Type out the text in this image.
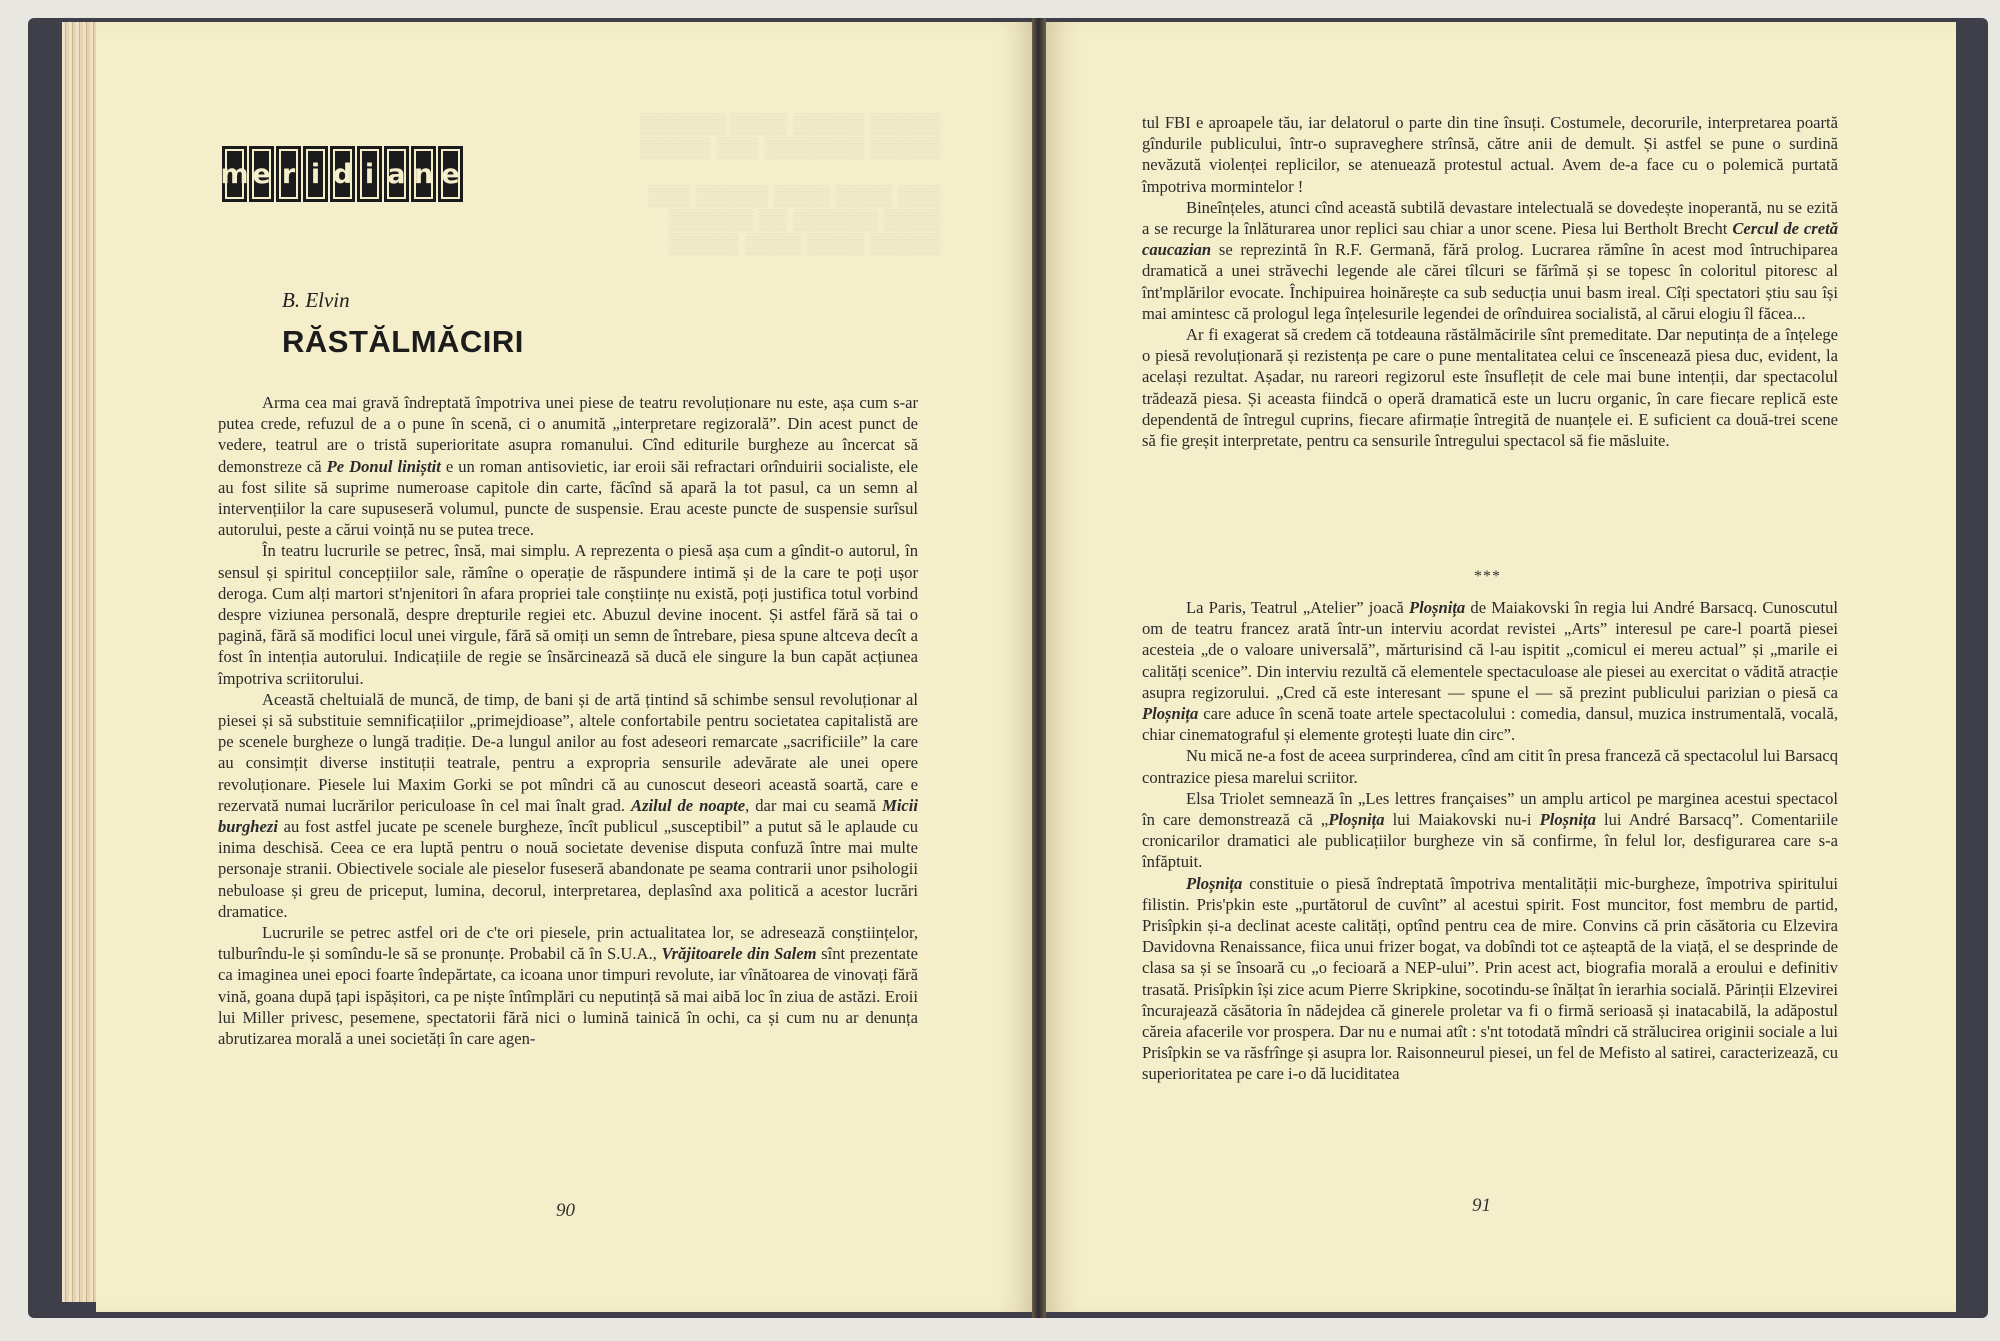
▒▒▒▒▒ ▒▒▒▒▒ ▒▒▒▒ ▒▒▒▒▒▒
▒▒▒▒▒ ▒▒▒▒▒▒▒ ▒▒▒ ▒▒▒▒▒

▒▒▒ ▒▒▒▒ ▒▒▒▒ ▒▒▒▒▒ ▒▒▒
▒▒▒▒ ▒▒▒▒▒▒ ▒▒ ▒▒▒▒▒▒
▒▒▒▒▒ ▒▒▒▒ ▒▒▒▒ ▒▒▒▒▒
m e r i d i a n e
B. Elvin
RĂSTĂLMĂCIRI

Arma cea mai gravă îndreptată împotriva unei piese de teatru revoluționare nu este, așa cum s-ar putea crede, refuzul de a o pune în scenă, ci o anumită „interpretare regizorală”. Din acest punct de vedere, teatrul are o tristă superioritate asupra romanului. Cînd editurile burgheze au încercat să demonstreze că Pe Donul liniștit e un roman antisovietic, iar eroii săi refractari orînduirii socialiste, ele au fost silite să suprime numeroase capitole din carte, făcînd să apară la tot pasul, ca un semn al intervențiilor la care supuseseră volumul, puncte de suspensie. Erau aceste puncte de suspensie surîsul autorului, peste a cărui voință nu se putea trece.

În teatru lucrurile se petrec, însă, mai simplu. A reprezenta o piesă așa cum a gîndit-o autorul, în sensul și spiritul concepțiilor sale, rămîne o operație de răspundere intimă și de la care te poți ușor deroga. Cum alți martori st'njenitori în afara propriei tale conștiințe nu există, poți justifica totul vorbind despre viziunea personală, despre drepturile regiei etc. Abuzul devine inocent. Și astfel fără să tai o pagină, fără să modifici locul unei virgule, fără să omiți un semn de întrebare, piesa spune altceva decît a fost în intenția autorului. Indicațiile de regie se însărcinează să ducă ele singure la bun capăt acțiunea împotriva scriitorului.

Această cheltuială de muncă, de timp, de bani și de artă țintind să schimbe sensul revoluționar al piesei și să substituie semnificațiilor „primejdioase”, altele confortabile pentru societatea capitalistă are pe scenele burgheze o lungă tradiție. De-a lungul anilor au fost adeseori remarcate „sacrificiile” la care au consimțit diverse instituții teatrale, pentru a expropria sensurile adevărate ale unei opere revoluționare. Piesele lui Maxim Gorki se pot mîndri că au cunoscut deseori această soartă, care e rezervată numai lucrărilor periculoase în cel mai înalt grad. Azilul de noapte, dar mai cu seamă Micii burghezi au fost astfel jucate pe scenele burgheze, încît publicul „susceptibil” a putut să le aplaude cu inima deschisă. Ceea ce era luptă pentru o nouă societate devenise disputa confuză între mai multe personaje stranii. Obiectivele sociale ale pieselor fuseseră abandonate pe seama contrarii unor psihologii nebuloase și greu de priceput, lumina, decorul, interpretarea, deplasînd axa politică a acestor lucrări dramatice.

Lucrurile se petrec astfel ori de c'te ori piesele, prin actualitatea lor, se adresează conștiințelor, tulburîndu-le și somîndu-le să se pronunțe. Probabil că în S.U.A., Vrăjitoarele din Salem sînt prezentate ca imaginea unei epoci foarte îndepărtate, ca icoana unor timpuri revolute, iar vînătoarea de vinovați fără vină, goana după țapi ispășitori, ca pe niște întîmplări cu neputință să mai aibă loc în ziua de astăzi. Eroii lui Miller privesc, pesemene, spectatorii fără nici o lumină tainică în ochi, ca și cum nu ar denunța abrutizarea morală a unei societăți în care agen-

90

tul FBI e aproapele tău, iar delatorul o parte din tine însuți. Costumele, decorurile, interpretarea poartă gîndurile publicului, într-o supraveghere strînsă, către anii de demult. Și astfel se pune o surdină nevăzută violenței replicilor, se atenuează protestul actual. Avem de-a face cu o polemică purtată împotriva mormintelor !

Bineînțeles, atunci cînd această subtilă devastare intelectuală se dovedește inoperantă, nu se ezită a se recurge la înlăturarea unor replici sau chiar a unor scene. Piesa lui Bertholt Brecht Cercul de cretă caucazian se reprezintă în R.F. Germană, fără prolog. Lucrarea rămîne în acest mod întruchiparea dramatică a unei străvechi legende ale cărei tîlcuri se fărîmă și se topesc în coloritul pitoresc al înt'mplărilor evocate. Închipuirea hoinărește ca sub seducția unui basm ireal. Cîți spectatori știu sau își mai amintesc că prologul lega înțelesurile legendei de orînduirea socialistă, al cărui elogiu îl făcea...

Ar fi exagerat să credem că totdeauna răstălmăcirile sînt premeditate. Dar neputința de a înțelege o piesă revoluționară și rezistența pe care o pune mentalitatea celui ce înscenează piesa duc, evident, la același rezultat. Așadar, nu rareori regizorul este însuflețit de cele mai bune intenții, dar spectacolul trădează piesa. Și aceasta fiindcă o operă dramatică este un lucru organic, în care fiecare replică este dependentă de întregul cuprins, fiecare afirmație întregită de nuanțele ei. E suficient ca două-trei scene să fie greșit interpretate, pentru ca sensurile întregului spectacol să fie măsluite.

***

La Paris, Teatrul „Atelier” joacă Ploșnița de Maiakovski în regia lui André Barsacq. Cunoscutul om de teatru francez arată într-un interviu acordat revistei „Arts” interesul pe care-l poartă piesei acesteia „de o valoare universală”, mărturisind că l-au ispitit „comicul ei mereu actual” și „marile ei calități scenice”. Din interviu rezultă că elementele spectaculoase ale piesei au exercitat o vădită atracție asupra regizorului. „Cred că este interesant — spune el — să prezint publicului parizian o piesă ca Ploșnița care aduce în scenă toate artele spectacolului : comedia, dansul, muzica instrumentală, vocală, chiar cinematograful și elemente grotești luate din circ”.

Nu mică ne-a fost de aceea surprinderea, cînd am citit în presa franceză că spectacolul lui Barsacq contrazice piesa marelui scriitor.

Elsa Triolet semnează în „Les lettres françaises” un amplu articol pe marginea acestui spectacol în care demonstrează că „Ploșnița lui Maiakovski nu-i Ploșnița lui André Barsacq”. Comentariile cronicarilor dramatici ale publicațiilor burgheze vin să confirme, în felul lor, desfigurarea care s-a înfăptuit.

Ploșnița constituie o piesă îndreptată împotriva mentalității mic-burgheze, împotriva spiritului filistin. Pris'pkin este „purtătorul de cuvînt” al acestui spirit. Fost muncitor, fost membru de partid, Prisîpkin și-a declinat aceste calități, optînd pentru cea de mire. Convins că prin căsătoria cu Elzevira Davidovna Renaissance, fiica unui frizer bogat, va dobîndi tot ce așteaptă de la viață, el se desprinde de clasa sa și se însoară cu „o fecioară a NEP-ului”. Prin acest act, biografia morală a eroului e definitiv trasată. Prisîpkin își zice acum Pierre Skripkine, socotindu-se înălțat în ierarhia socială. Părinții Elzevirei încurajează căsătoria în nădejdea că ginerele proletar va fi o firmă serioasă și inatacabilă, la adăpostul căreia afacerile vor prospera. Dar nu e numai atît : s'nt totodată mîndri că strălucirea originii sociale a lui Prisîpkin se va răsfrînge și asupra lor. Raisonneurul piesei, un fel de Mefisto al satirei, caracterizează, cu superioritatea pe care i-o dă luciditatea

91
